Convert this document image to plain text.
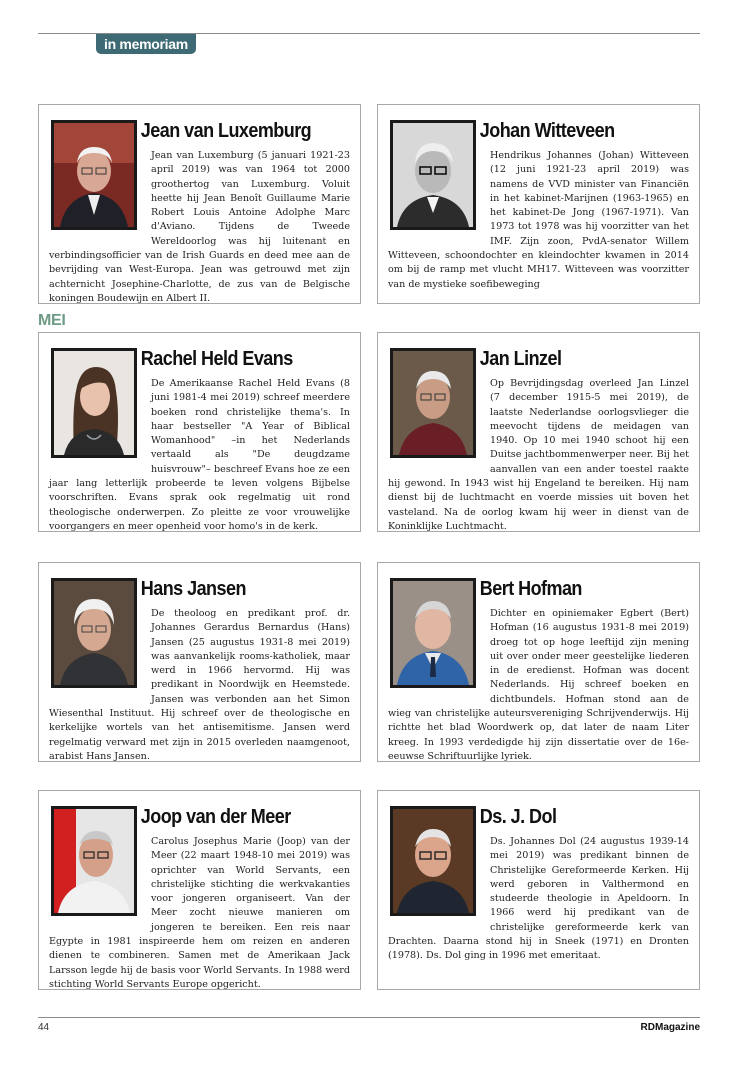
in memoriam
Jean van Luxemburg

Jean van Luxemburg (5 januari 1921-23 april 2019) was van 1964 tot 2000 groothertog van Luxemburg. Voluit heette hij Jean Benoît Guillaume Marie Robert Louis Antoine Adolphe Marc d'Aviano. Tijdens de Tweede Wereldoorlog was hij luitenant en verbindingsofficier van de Irish Guards en deed mee aan de bevrijding van West-Europa. Jean was getrouwd met zijn achternicht Josephine-Charlotte, de zus van de Belgische koningen Boudewijn en Albert II.

Johan Witteveen

Hendrikus Johannes (Johan) Witteveen (12 juni 1921-23 april 2019) was namens de VVD minister van Financiën in het kabinet-Marijnen (1963-1965) en het kabinet-De Jong (1967-1971). Van 1973 tot 1978 was hij voorzitter van het IMF. Zijn zoon, PvdA-senator Willem Witteveen, schoondochter en kleindochter kwamen in 2014 om bij de ramp met vlucht MH17. Witteveen was voorzitter van de mystieke soefibeweging

MEI
Rachel Held Evans

De Amerikaanse Rachel Held Evans (8 juni 1981-4 mei 2019) schreef meerdere boeken rond christelijke thema's. In haar bestseller "A Year of Biblical Womanhood" –in het Nederlands vertaald als "De deugdzame huisvrouw"– beschreef Evans hoe ze een jaar lang letterlijk probeerde te leven volgens Bijbelse voorschriften. Evans sprak ook regelmatig uit rond theologische onderwerpen. Zo pleitte ze voor vrouwelijke voorgangers en meer openheid voor homo's in de kerk.

Jan Linzel

Op Bevrijdingsdag overleed Jan Linzel (7 december 1915-5 mei 2019), de laatste Nederlandse oorlogsvlieger die meevocht tijdens de meidagen van 1940. Op 10 mei 1940 schoot hij een Duitse jachtbommenwerper neer. Bij het aanvallen van een ander toestel raakte hij gewond. In 1943 wist hij Engeland te bereiken. Hij nam dienst bij de luchtmacht en voerde missies uit boven het vasteland. Na de oorlog kwam hij weer in dienst van de Koninklijke Luchtmacht.

Hans Jansen

De theoloog en predikant prof. dr. Johannes Gerardus Bernardus (Hans) Jansen (25 augustus 1931-8 mei 2019) was aanvankelijk rooms-katholiek, maar werd in 1966 hervormd. Hij was predikant in Noordwijk en Heemstede. Jansen was verbonden aan het Simon Wiesenthal Instituut. Hij schreef over de theologische en kerkelijke wortels van het antisemitisme. Jansen werd regelmatig verward met zijn in 2015 overleden naamgenoot, arabist Hans Jansen.

Bert Hofman

Dichter en opiniemaker Egbert (Bert) Hofman (16 augustus 1931-8 mei 2019) droeg tot op hoge leeftijd zijn mening uit over onder meer geestelijke liederen in de eredienst. Hofman was docent Nederlands. Hij schreef boeken en dichtbundels. Hofman stond aan de wieg van christelijke auteursvereniging Schrijvenderwijs. Hij richtte het blad Woordwerk op, dat later de naam Liter kreeg. In 1993 verdedigde hij zijn dissertatie over de 16e-eeuwse Schriftuurlijke lyriek.

Joop van der Meer

Carolus Josephus Marie (Joop) van der Meer (22 maart 1948-10 mei 2019) was oprichter van World Servants, een christelijke stichting die werkvakanties voor jongeren organiseert. Van der Meer zocht nieuwe manieren om jongeren te bereiken. Een reis naar Egypte in 1981 inspireerde hem om reizen en anderen dienen te combineren. Samen met de Amerikaan Jack Larsson legde hij de basis voor World Servants. In 1988 werd stichting World Servants Europe opgericht.

Ds. J. Dol

Ds. Johannes Dol (24 augustus 1939-14 mei 2019) was predikant binnen de Christelijke Gereformeerde Kerken. Hij werd geboren in Valthermond en studeerde theologie in Apeldoorn. In 1966 werd hij predikant van de christelijke gereformeerde kerk van Drachten. Daarna stond hij in Sneek (1971) en Dronten (1978). Ds. Dol ging in 1996 met emeritaat.

44	RDMagazine
